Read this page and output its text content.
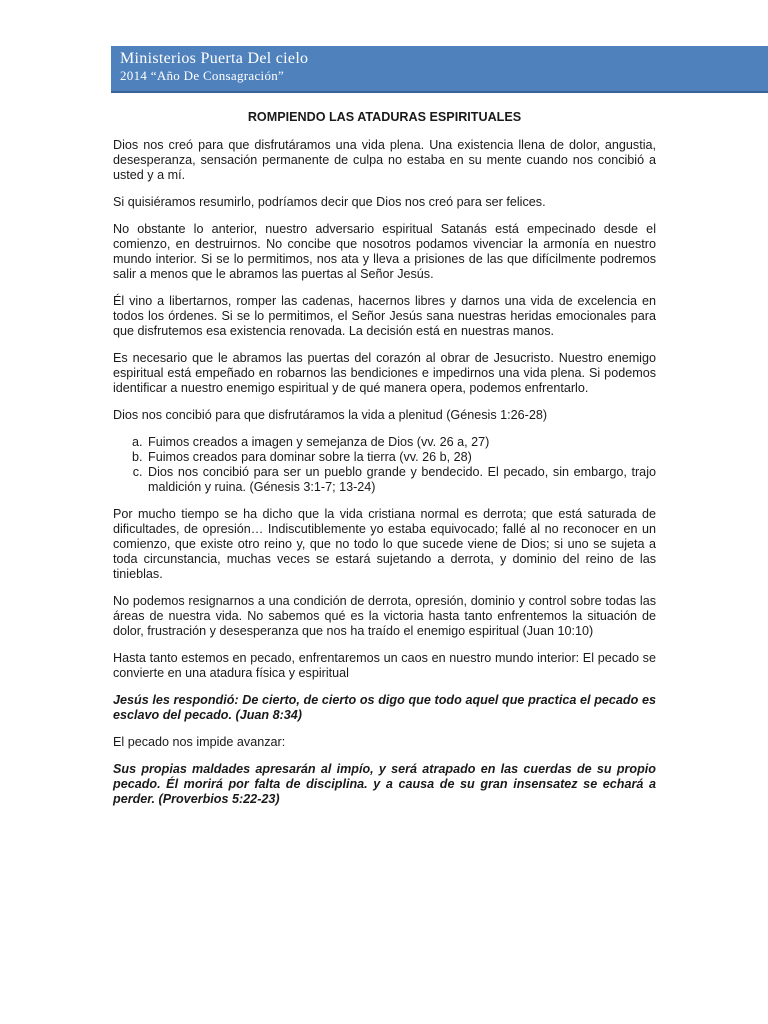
Ministerios Puerta Del cielo
2014 “Año De Consagración”
ROMPIENDO LAS ATADURAS ESPIRITUALES

Dios nos creó para que disfrutáramos una vida plena. Una existencia llena de dolor, angustia, desesperanza, sensación permanente de culpa no estaba en su mente cuando nos concibió a usted y a mí.

Si quisiéramos resumirlo, podríamos decir que Dios nos creó para ser felices.

No obstante lo anterior, nuestro adversario espiritual Satanás está empecinado desde el comienzo, en destruirnos. No concibe que nosotros podamos vivenciar la armonía en nuestro mundo interior. Si se lo permitimos, nos ata y lleva a prisiones de las que difícilmente podremos salir a menos que le abramos las puertas al Señor Jesús.

Él vino a libertarnos, romper las cadenas, hacernos libres y darnos una vida de excelencia en todos los órdenes. Si se lo permitimos, el Señor Jesús sana nuestras heridas emocionales para que disfrutemos esa existencia renovada. La decisión está en nuestras manos.

Es necesario que le abramos las puertas del corazón al obrar de Jesucristo. Nuestro enemigo espiritual está empeñado en robarnos las bendiciones e impedirnos una vida plena. Si podemos identificar a nuestro enemigo espiritual y de qué manera opera, podemos enfrentarlo.

Dios nos concibió para que disfrutáramos la vida a plenitud (Génesis 1:26-28)

a. Fuimos creados a imagen y semejanza de Dios (vv. 26 a, 27)
b. Fuimos creados para dominar sobre la tierra (vv. 26 b, 28)
c. Dios nos concibió para ser un pueblo grande y bendecido. El pecado, sin embargo, trajo maldición y ruina. (Génesis 3:1-7; 13-24)

Por mucho tiempo se ha dicho que la vida cristiana normal es derrota; que está saturada de dificultades, de opresión… Indiscutiblemente yo estaba equivocado; fallé al no reconocer en un comienzo, que existe otro reino y, que no todo lo que sucede viene de Dios; si uno se sujeta a toda circunstancia, muchas veces se estará sujetando a derrota, y dominio del reino de las tinieblas.

No podemos resignarnos a una condición de derrota, opresión, dominio y control sobre todas las áreas de nuestra vida. No sabemos qué es la victoria hasta tanto enfrentemos la situación de dolor, frustración y desesperanza que nos ha traído el enemigo espiritual (Juan 10:10)

Hasta tanto estemos en pecado, enfrentaremos un caos en nuestro mundo interior: El pecado se convierte en una atadura física y espiritual

Jesús les respondió: De cierto, de cierto os digo que todo aquel que practica el pecado es esclavo del pecado. (Juan 8:34)

El pecado nos impide avanzar:

Sus propias maldades apresarán al impío, y será atrapado en las cuerdas de su propio pecado. Él morirá por falta de disciplina. y a causa de su gran insensatez se echará a perder. (Proverbios 5:22-23)
